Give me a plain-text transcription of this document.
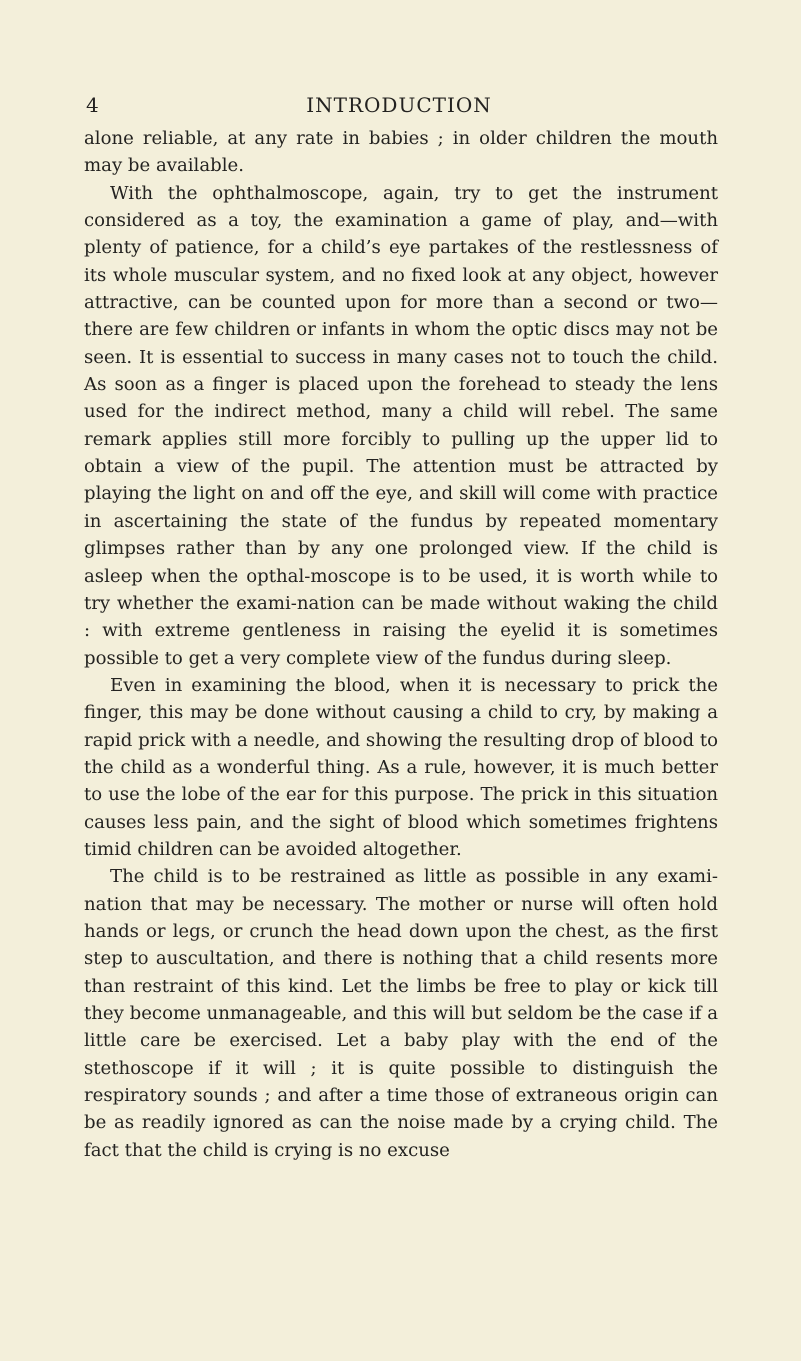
4	INTRODUCTION

alone reliable, at any rate in babies ; in older children the mouth may be available.

With the ophthalmoscope, again, try to get the instrument considered as a toy, the examination a game of play, and—with plenty of patience, for a child’s eye partakes of the restlessness of its whole muscular system, and no fixed look at any object, however attractive, can be counted upon for more than a second or two—there are few children or infants in whom the optic discs may not be seen. It is essential to success in many cases not to touch the child. As soon as a finger is placed upon the forehead to steady the lens used for the indirect method, many a child will rebel. The same remark applies still more forcibly to pulling up the upper lid to obtain a view of the pupil. The attention must be attracted by playing the light on and off the eye, and skill will come with practice in ascertaining the state of the fundus by repeated momentary glimpses rather than by any one prolonged view. If the child is asleep when the opthal-moscope is to be used, it is worth while to try whether the exami-nation can be made without waking the child : with extreme gentleness in raising the eyelid it is sometimes possible to get a very complete view of the fundus during sleep.

Even in examining the blood, when it is necessary to prick the finger, this may be done without causing a child to cry, by making a rapid prick with a needle, and showing the resulting drop of blood to the child as a wonderful thing. As a rule, however, it is much better to use the lobe of the ear for this purpose. The prick in this situation causes less pain, and the sight of blood which sometimes frightens timid children can be avoided altogether.

The child is to be restrained as little as possible in any exami-nation that may be necessary. The mother or nurse will often hold hands or legs, or crunch the head down upon the chest, as the first step to auscultation, and there is nothing that a child resents more than restraint of this kind. Let the limbs be free to play or kick till they become unmanageable, and this will but seldom be the case if a little care be exercised. Let a baby play with the end of the stethoscope if it will ; it is quite possible to distinguish the respiratory sounds ; and after a time those of extraneous origin can be as readily ignored as can the noise made by a crying child. The fact that the child is crying is no excuse
